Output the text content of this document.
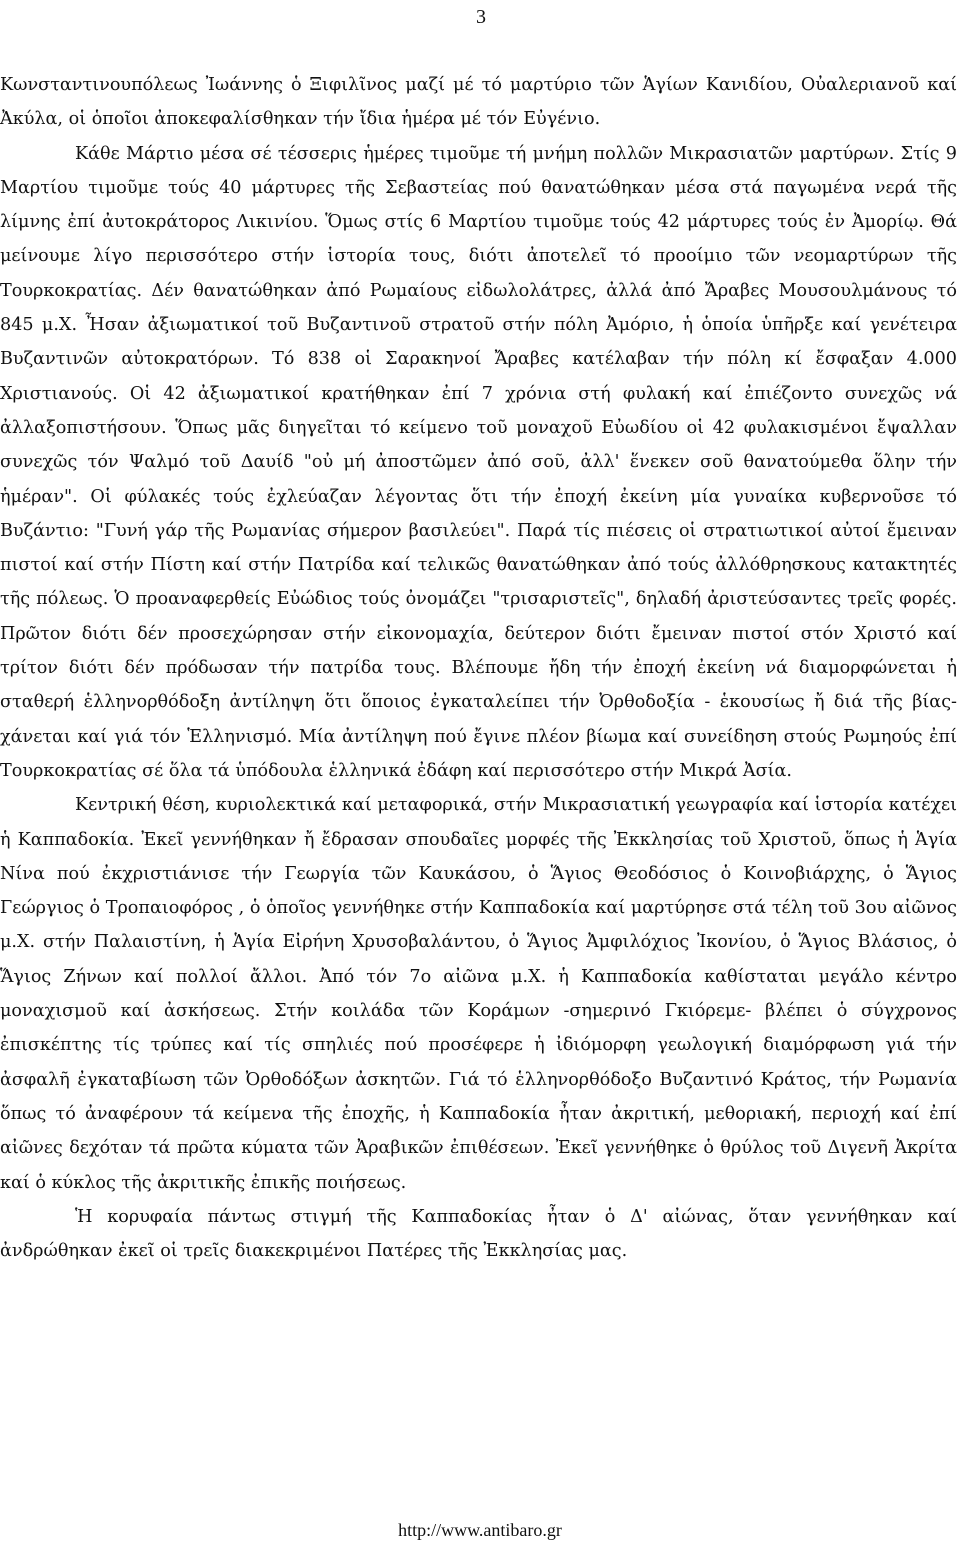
3

Κωνσταντινουπόλεως Ἰωάννης ὁ Ξιφιλῖνος μαζί μέ τό μαρτύριο τῶν Ἁγίων Κανιδίου, Οὐαλεριανοῦ καί Ἀκύλα, οἱ ὁποῖοι ἀποκεφαλίσθηκαν τήν ἴδια ἡμέρα μέ τόν Εὐγένιο.

Κάθε Μάρτιο μέσα σέ τέσσερις ἡμέρες τιμοῦμε τή μνήμη πολλῶν Μικρασιατῶν μαρτύρων. Στίς 9 Μαρτίου τιμοῦμε τούς 40 μάρτυρες τῆς Σεβαστείας πού θανατώθηκαν μέσα στά παγωμένα νερά τῆς λίμνης ἐπί ἀυτοκράτορος Λικινίου. Ὅμως στίς 6 Μαρτίου τιμοῦμε τούς 42 μάρτυρες τούς ἐν Ἀμορίῳ. Θά μείνουμε λίγο περισσότερο στήν ἱστορία τους, διότι ἀποτελεῖ τό προοίμιο τῶν νεομαρτύρων τῆς Τουρκοκρατίας. Δέν θανατώθηκαν ἀπό Ρωμαίους εἰδωλολάτρες, ἀλλά ἀπό Ἄραβες Μουσουλμάνους τό 845 μ.Χ. Ἦσαν ἀξιωματικοί τοῦ Βυζαντινοῦ στρατοῦ στήν πόλη Ἀμόριο, ἡ ὁποία ὑπῆρξε καί γενέτειρα Βυζαντινῶν αὐτοκρατόρων. Τό 838 οἱ Σαρακηνοί Ἄραβες κατέλαβαν τήν πόλη κί ἔσφαξαν 4.000 Χριστιανούς. Οἱ 42 ἀξιωματικοί κρατήθηκαν ἐπί 7 χρόνια στή φυλακή καί ἐπιέζοντο συνεχῶς νά ἀλλαξοπιστήσουν. Ὅπως μᾶς διηγεῖται τό κείμενο τοῦ μοναχοῦ Εὐωδίου οἱ 42 φυλακισμένοι ἔψαλλαν συνεχῶς τόν Ψαλμό τοῦ Δαυίδ "οὐ μή ἀποστῶμεν ἀπό σοῦ, ἀλλ' ἕνεκεν σοῦ θανατούμεθα ὅλην τήν ἡμέραν". Οἱ φύλακές τούς ἐχλεύαζαν λέγοντας ὅτι τήν ἐποχή ἐκείνη μία γυναίκα κυβερνοῦσε τό Βυζάντιο: "Γυνή γάρ τῆς Ρωμανίας σήμερον βασιλεύει". Παρά τίς πιέσεις οἱ στρατιωτικοί αὐτοί ἔμειναν πιστοί καί στήν Πίστη καί στήν Πατρίδα καί τελικῶς θανατώθηκαν ἀπό τούς ἀλλόθρησκους κατακτητές τῆς πόλεως. Ὁ προαναφερθείς Εὐώδιος τούς ὀνομάζει "τρισαριστεῖς", δηλαδή ἀριστεύσαντες τρεῖς φορές. Πρῶτον διότι δέν προσεχώρησαν στήν εἰκονομαχία, δεύτερον διότι ἔμειναν πιστοί στόν Χριστό καί τρίτον διότι δέν πρόδωσαν τήν πατρίδα τους. Βλέπουμε ἤδη τήν ἐποχή ἐκείνη νά διαμορφώνεται ἡ σταθερή ἑλληνορθόδοξη ἀντίληψη ὅτι ὅποιος ἐγκαταλείπει τήν Ὀρθοδοξία - ἑκουσίως ἤ διά τῆς βίας- χάνεται καί γιά τόν Ἑλληνισμό. Μία ἀντίληψη πού ἔγινε πλέον βίωμα καί συνείδηση στούς Ρωμηούς ἐπί Τουρκοκρατίας σέ ὅλα τά ὑπόδουλα ἑλληνικά ἐδάφη καί περισσότερο στήν Μικρά Ἀσία.

Κεντρική θέση, κυριολεκτικά καί μεταφορικά, στήν Μικρασιατική γεωγραφία καί ἱστορία κατέχει ἡ Καππαδοκία. Ἐκεῖ γεννήθηκαν ἤ ἔδρασαν σπουδαῖες μορφές τῆς Ἐκκλησίας τοῦ Χριστοῦ, ὅπως ἡ Ἁγία Νίνα πού ἐκχριστιάνισε τήν Γεωργία τῶν Καυκάσου, ὁ Ἅγιος Θεοδόσιος ὁ Κοινοβιάρχης, ὁ Ἅγιος Γεώργιος ὁ Τροπαιοφόρος , ὁ ὁποῖος γεννήθηκε στήν Καππαδοκία καί μαρτύρησε στά τέλη τοῦ 3ου αἰῶνος μ.Χ. στήν Παλαιστίνη, ἡ Ἁγία Εἰρήνη Χρυσοβαλάντου, ὁ Ἅγιος Ἀμφιλόχιος Ἰκονίου, ὁ Ἅγιος Βλάσιος, ὁ Ἅγιος Ζήνων καί πολλοί ἄλλοι. Ἀπό τόν 7ο αἰῶνα μ.Χ. ἡ Καππαδοκία καθίσταται μεγάλο κέντρο μοναχισμοῦ καί ἀσκήσεως. Στήν κοιλάδα τῶν Κοράμων -σημερινό Γκιόρεμε- βλέπει ὁ σύγχρονος ἐπισκέπτης τίς τρύπες καί τίς σπηλιές πού προσέφερε ἡ ἰδιόμορφη γεωλογική διαμόρφωση γιά τήν ἀσφαλῆ ἐγκαταβίωση τῶν Ὀρθοδόξων ἀσκητῶν. Γιά τό ἑλληνορθόδοξο Βυζαντινό Κράτος, τήν Ρωμανία ὅπως τό ἀναφέρουν τά κείμενα τῆς ἐποχῆς, ἡ Καππαδοκία ἦταν ἀκριτική, μεθοριακή, περιοχή καί ἐπί αἰῶνες δεχόταν τά πρῶτα κύματα τῶν Ἀραβικῶν ἐπιθέσεων. Ἐκεῖ γεννήθηκε ὁ θρύλος τοῦ Διγενῆ Ἀκρίτα καί ὁ κύκλος τῆς ἀκριτικῆς ἐπικῆς ποιήσεως.

Ἡ κορυφαία πάντως στιγμή τῆς Καππαδοκίας ἦταν ὁ Δ' αἰώνας, ὅταν γεννήθηκαν καί ἀνδρώθηκαν ἐκεῖ οἱ τρεῖς διακεκριμένοι Πατέρες τῆς Ἐκκλησίας μας.

http://www.antibaro.gr
